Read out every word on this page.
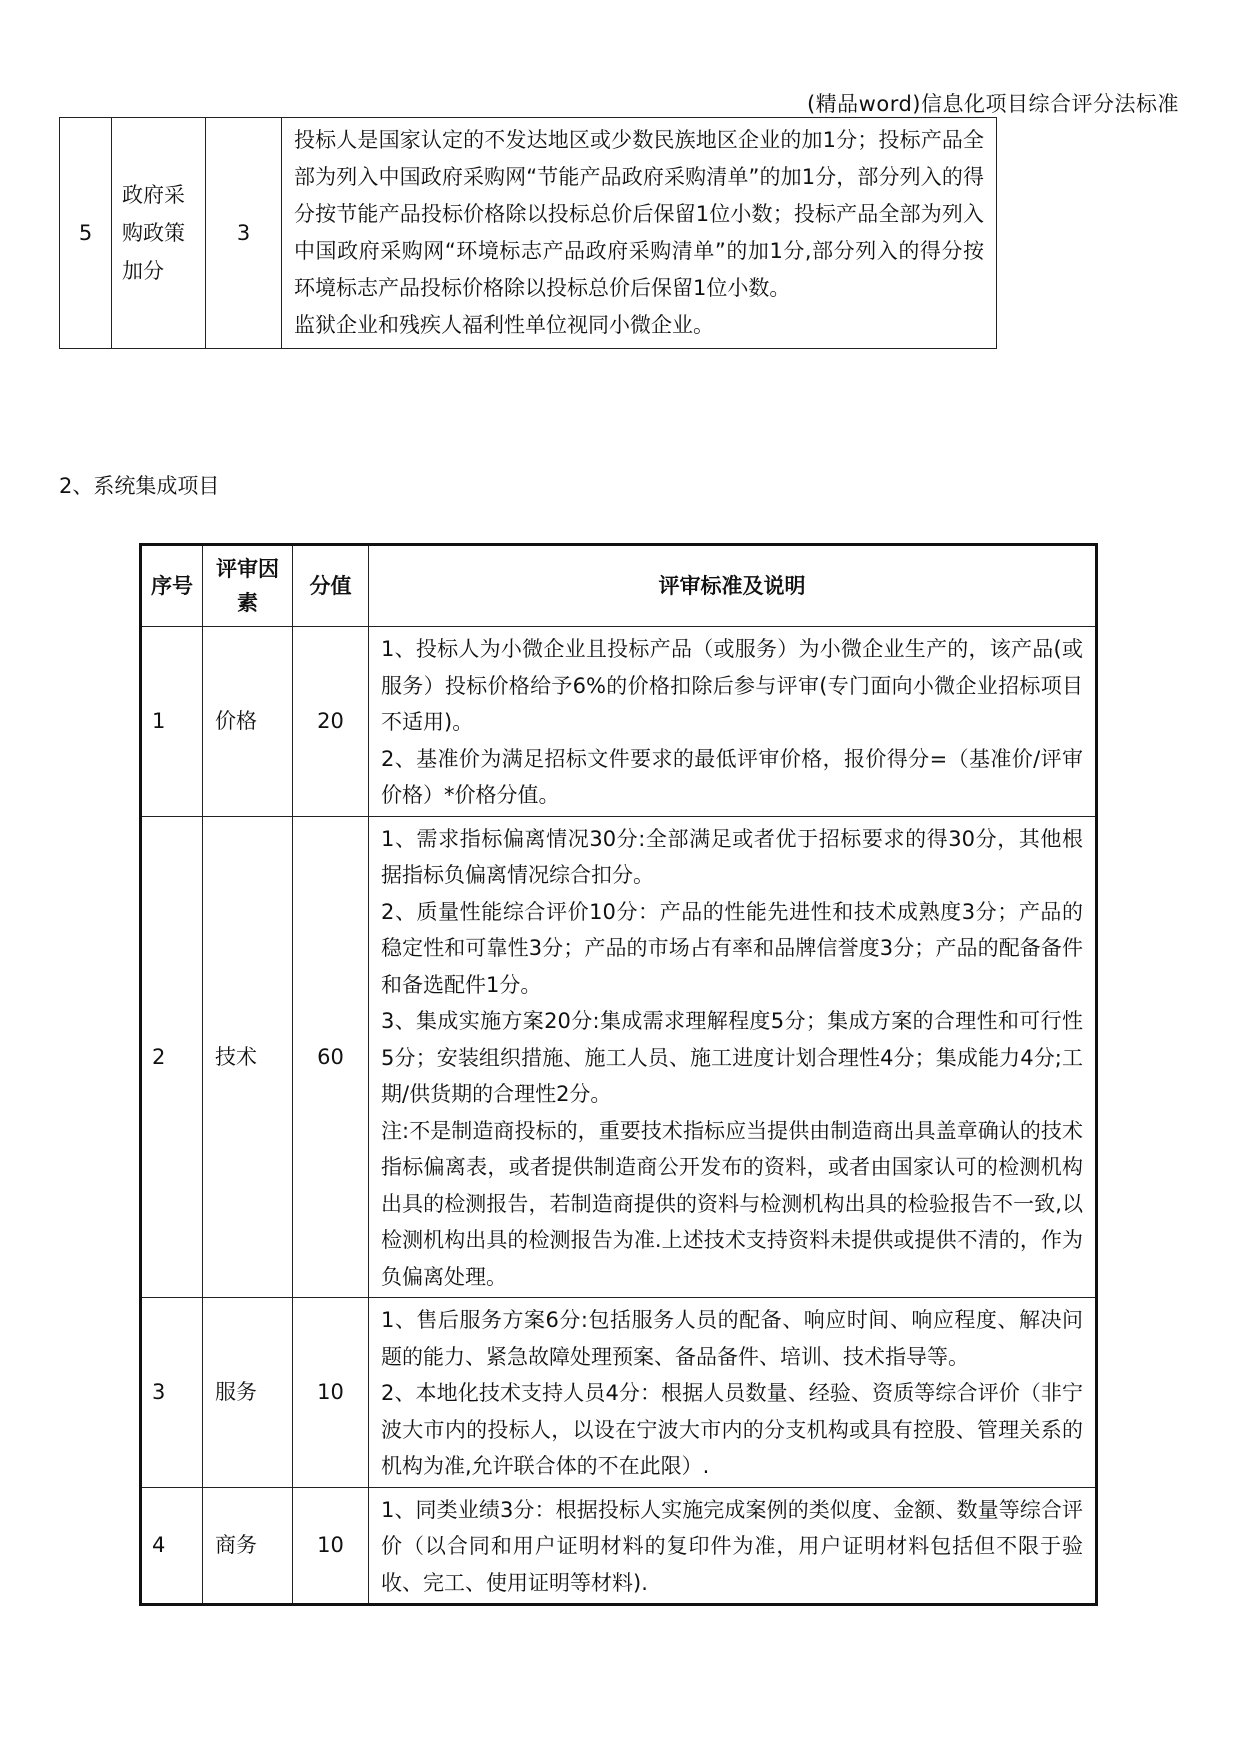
(精品word)信息化项目综合评分法标准
5	政府采购政策加分	3	
投标人是国家认定的不发达地区或少数民族地区企业的加1分；投标产品全部为列入中国政府采购网“节能产品政府采购清单”的加1分，部分列入的得分按节能产品投标价格除以投标总价后保留1位小数；投标产品全部为列入中国政府采购网“环境标志产品政府采购清单”的加1分,部分列入的得分按环境标志产品投标价格除以投标总价后保留1位小数。
监狱企业和残疾人福利性单位视同小微企业。
2、系统集成项目
序号	评审因素	分值	评审标准及说明
1	价格	20	1、投标人为小微企业且投标产品（或服务）为小微企业生产的，该产品(或服务）投标价格给予6%的价格扣除后参与评审(专门面向小微企业招标项目不适用)。
2、基准价为满足招标文件要求的最低评审价格，报价得分=（基准价/评审价格）*价格分值。

2	技术	60	1、需求指标偏离情况30分:全部满足或者优于招标要求的得30分，其他根据指标负偏离情况综合扣分。
2、质量性能综合评价10分：产品的性能先进性和技术成熟度3分；产品的稳定性和可靠性3分；产品的市场占有率和品牌信誉度3分；产品的配备备件和备选配件1分。
3、集成实施方案20分:集成需求理解程度5分；集成方案的合理性和可行性5分；安装组织措施、施工人员、施工进度计划合理性4分；集成能力4分;工期/供货期的合理性2分。
注:不是制造商投标的，重要技术指标应当提供由制造商出具盖章确认的技术指标偏离表，或者提供制造商公开发布的资料，或者由国家认可的检测机构出具的检测报告，若制造商提供的资料与检测机构出具的检验报告不一致,以检测机构出具的检测报告为准.上述技术支持资料未提供或提供不清的，作为负偏离处理。

3	服务	10	1、售后服务方案6分:包括服务人员的配备、响应时间、响应程度、解决问题的能力、紧急故障处理预案、备品备件、培训、技术指导等。
2、本地化技术支持人员4分：根据人员数量、经验、资质等综合评价（非宁波大市内的投标人，以设在宁波大市内的分支机构或具有控股、管理关系的机构为准,允许联合体的不在此限）.

4	商务	10	1、同类业绩3分：根据投标人实施完成案例的类似度、金额、数量等综合评价（以合同和用户证明材料的复印件为准，用户证明材料包括但不限于验收、完工、使用证明等材料).
